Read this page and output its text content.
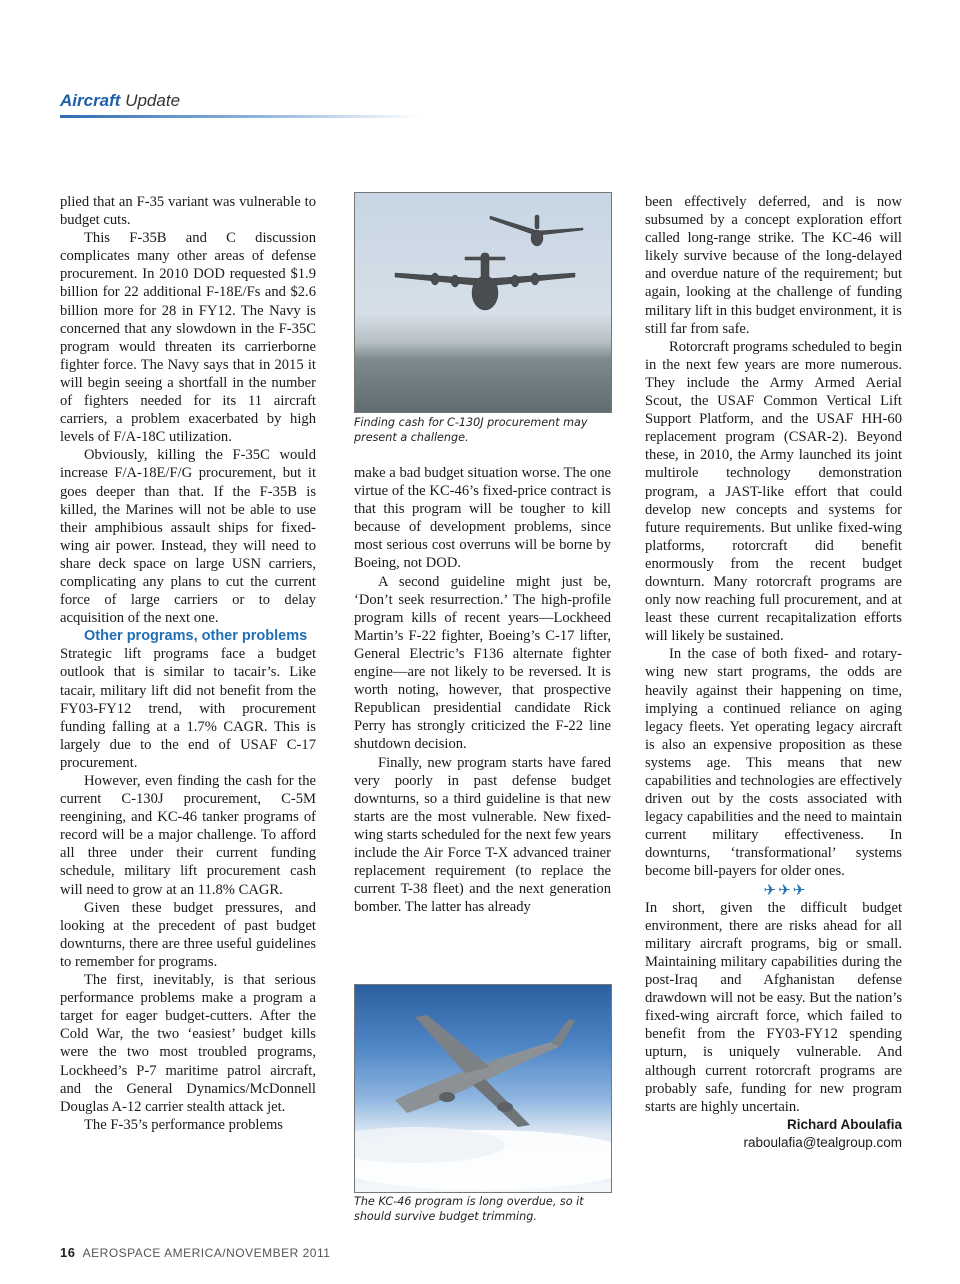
Aircraft Update

plied that an F-35 variant was vulnerable to budget cuts.

This F-35B and C discussion complicates many other areas of defense procurement. In 2010 DOD requested $1.9 billion for 22 additional F-18E/Fs and $2.6 billion more for 28 in FY12. The Navy is concerned that any slowdown in the F-35C program would threaten its carrierborne fighter force. The Navy says that in 2015 it will begin seeing a shortfall in the number of fighters needed for its 11 aircraft carriers, a problem exacerbated by high levels of F/A-18C utilization.

Obviously, killing the F-35C would increase F/A-18E/F/G procurement, but it goes deeper than that. If the F-35B is killed, the Marines will not be able to use their amphibious assault ships for fixed-wing air power. Instead, they will need to share deck space on large USN carriers, complicating any plans to cut the current force of large carriers or to delay acquisition of the next one.

Other programs, other problems

Strategic lift programs face a budget outlook that is similar to tacair’s. Like tacair, military lift did not benefit from the FY03-FY12 trend, with procurement funding falling at a 1.7% CAGR. This is largely due to the end of USAF C-17 procurement.

However, even finding the cash for the current C-130J procurement, C-5M reengining, and KC-46 tanker programs of record will be a major challenge. To afford all three under their current funding schedule, military lift procurement cash will need to grow at an 11.8% CAGR.

Given these budget pressures, and looking at the precedent of past budget downturns, there are three useful guidelines to remember for programs.

The first, inevitably, is that serious performance problems make a program a target for eager budget-cutters. After the Cold War, the two ‘easiest’ budget kills were the two most troubled programs, Lockheed’s P-7 maritime patrol aircraft, and the General Dynamics/McDonnell Douglas A-12 carrier stealth attack jet.

The F-35’s performance problems

Finding cash for C-130J procurement may present a challenge.

make a bad budget situation worse. The one virtue of the KC-46’s fixed-price contract is that this program will be tougher to kill because of development problems, since most serious cost overruns will be borne by Boeing, not DOD.

A second guideline might just be, ‘Don’t seek resurrection.’ The high-profile program kills of recent years—Lockheed Martin’s F-22 fighter, Boeing’s C-17 lifter, General Electric’s F136 alternate fighter engine—are not likely to be reversed. It is worth noting, however, that prospective Republican presidential candidate Rick Perry has strongly criticized the F-22 line shutdown decision.

Finally, new program starts have fared very poorly in past defense budget downturns, so a third guideline is that new starts are the most vulnerable. New fixed-wing starts scheduled for the next few years include the Air Force T-X advanced trainer replacement requirement (to replace the current T-38 fleet) and the next generation bomber. The latter has already

The KC-46 program is long overdue, so it should survive budget trimming.

been effectively deferred, and is now subsumed by a concept exploration effort called long-range strike. The KC-46 will likely survive because of the long-delayed and overdue nature of the requirement; but again, looking at the challenge of funding military lift in this budget environment, it is still far from safe.

Rotorcraft programs scheduled to begin in the next few years are more numerous. They include the Army Armed Aerial Scout, the USAF Common Vertical Lift Support Platform, and the USAF HH-60 replacement program (CSAR-2). Beyond these, in 2010, the Army launched its joint multirole technology demonstration program, a JAST-like effort that could develop new concepts and systems for future requirements. But unlike fixed-wing platforms, rotorcraft did benefit enormously from the recent budget downturn. Many rotorcraft programs are only now reaching full procurement, and at least these current recapitalization efforts will likely be sustained.

In the case of both fixed- and rotary-wing new start programs, the odds are heavily against their happening on time, implying a continued reliance on aging legacy fleets. Yet operating legacy aircraft is also an expensive proposition as these systems age. This means that new capabilities and technologies are effectively driven out by the costs associated with legacy capabilities and the need to maintain current military effectiveness. In downturns, ‘transformational’ systems become bill-payers for older ones.

✈✈✈

In short, given the difficult budget environment, there are risks ahead for all military aircraft programs, big or small. Maintaining military capabilities during the post-Iraq and Afghanistan defense drawdown will not be easy. But the nation’s fixed-wing aircraft force, which failed to benefit from the FY03-FY12 spending upturn, is uniquely vulnerable. And although current rotorcraft programs are probably safe, funding for new program starts are highly uncertain.
Richard Aboulafia

raboulafia@tealgroup.com

16 AEROSPACE AMERICA/NOVEMBER 2011
